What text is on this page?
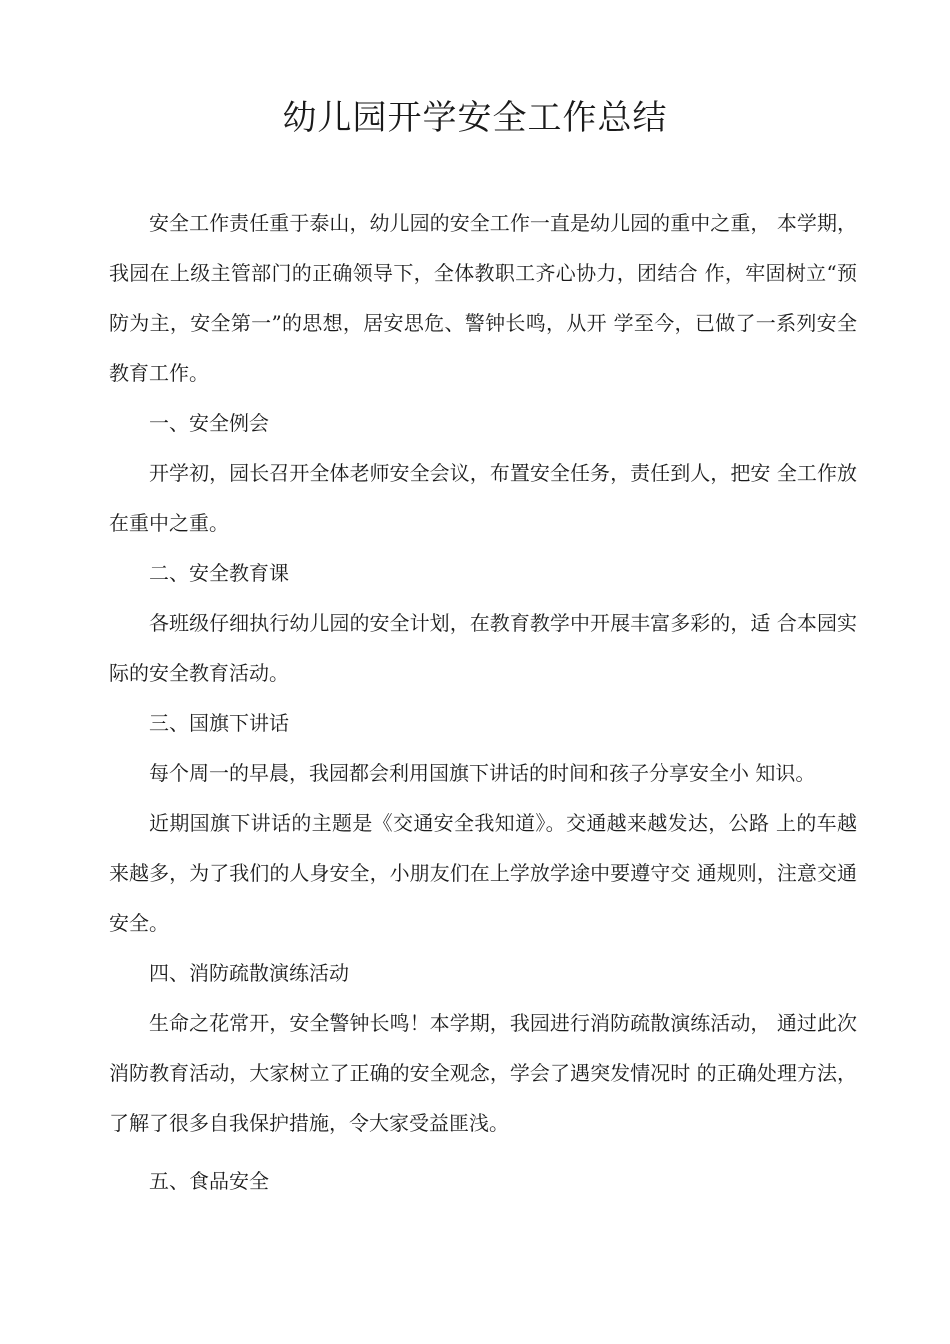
幼儿园开学安全工作总结

安全工作责任重于泰山，幼儿园的安全工作一直是幼儿园的重中之重， 本学期，我园在上级主管部门的正确领导下，全体教职工齐心协力，团结合 作，牢固树立“预防为主，安全第一”的思想，居安思危、警钟长鸣，从开 学至今，已做了一系列安全教育工作。

一、安全例会

开学初，园长召开全体老师安全会议，布置安全任务，责任到人，把安 全工作放在重中之重。

二、安全教育课

各班级仔细执行幼儿园的安全计划，在教育教学中开展丰富多彩的，适 合本园实际的安全教育活动。

三、国旗下讲话

每个周一的早晨，我园都会利用国旗下讲话的时间和孩子分享安全小 知识。

近期国旗下讲话的主题是《交通安全我知道》。交通越来越发达，公路 上的车越来越多，为了我们的人身安全，小朋友们在上学放学途中要遵守交 通规则，注意交通安全。

四、消防疏散演练活动

生命之花常开，安全警钟长鸣！本学期，我园进行消防疏散演练活动， 通过此次消防教育活动，大家树立了正确的安全观念，学会了遇突发情况时 的正确处理方法，了解了很多自我保护措施，令大家受益匪浅。

五、食品安全
